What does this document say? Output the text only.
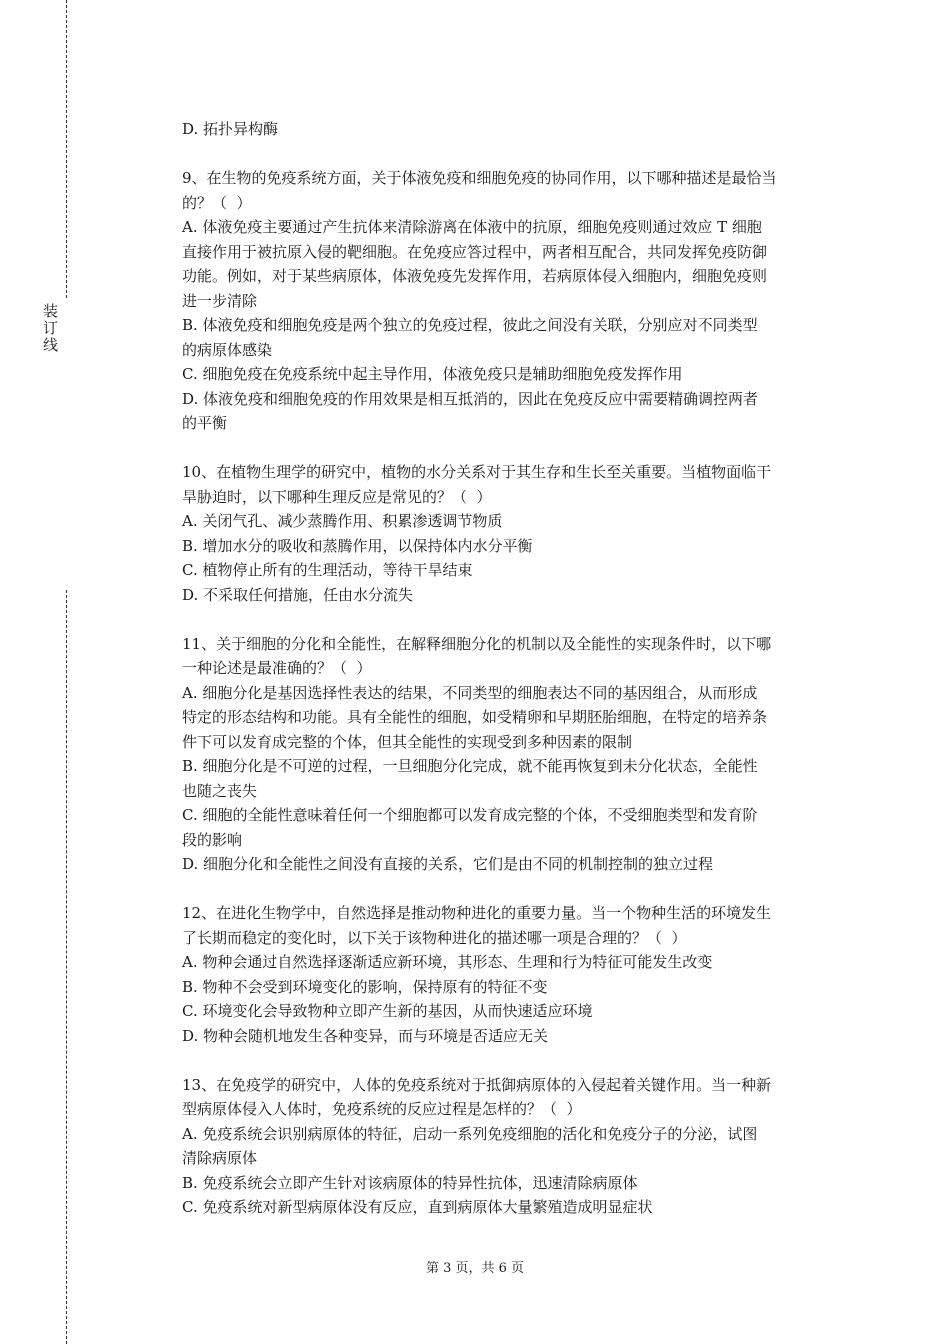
装订线

D. 拓扑异构酶

9、在生物的免疫系统方面，关于体液免疫和细胞免疫的协同作用，以下哪种描述是最恰当

的？（  ）

A. 体液免疫主要通过产生抗体来清除游离在体液中的抗原，细胞免疫则通过效应 T 细胞

直接作用于被抗原入侵的靶细胞。在免疫应答过程中，两者相互配合，共同发挥免疫防御

功能。例如，对于某些病原体，体液免疫先发挥作用，若病原体侵入细胞内，细胞免疫则

进一步清除

B. 体液免疫和细胞免疫是两个独立的免疫过程，彼此之间没有关联，分别应对不同类型

的病原体感染

C. 细胞免疫在免疫系统中起主导作用，体液免疫只是辅助细胞免疫发挥作用

D. 体液免疫和细胞免疫的作用效果是相互抵消的，因此在免疫反应中需要精确调控两者

的平衡

10、在植物生理学的研究中，植物的水分关系对于其生存和生长至关重要。当植物面临干

旱胁迫时，以下哪种生理反应是常见的？（  ）

A. 关闭气孔、减少蒸腾作用、积累渗透调节物质

B. 增加水分的吸收和蒸腾作用，以保持体内水分平衡

C. 植物停止所有的生理活动，等待干旱结束

D. 不采取任何措施，任由水分流失

11、关于细胞的分化和全能性，在解释细胞分化的机制以及全能性的实现条件时，以下哪

一种论述是最准确的？（  ）

A. 细胞分化是基因选择性表达的结果，不同类型的细胞表达不同的基因组合，从而形成

特定的形态结构和功能。具有全能性的细胞，如受精卵和早期胚胎细胞，在特定的培养条

件下可以发育成完整的个体，但其全能性的实现受到多种因素的限制

B. 细胞分化是不可逆的过程，一旦细胞分化完成，就不能再恢复到未分化状态，全能性

也随之丧失

C. 细胞的全能性意味着任何一个细胞都可以发育成完整的个体，不受细胞类型和发育阶

段的影响

D. 细胞分化和全能性之间没有直接的关系，它们是由不同的机制控制的独立过程

12、在进化生物学中，自然选择是推动物种进化的重要力量。当一个物种生活的环境发生

了长期而稳定的变化时，以下关于该物种进化的描述哪一项是合理的？（  ）

A. 物种会通过自然选择逐渐适应新环境，其形态、生理和行为特征可能发生改变

B. 物种不会受到环境变化的影响，保持原有的特征不变

C. 环境变化会导致物种立即产生新的基因，从而快速适应环境

D. 物种会随机地发生各种变异，而与环境是否适应无关

13、在免疫学的研究中，人体的免疫系统对于抵御病原体的入侵起着关键作用。当一种新

型病原体侵入人体时，免疫系统的反应过程是怎样的？（  ）

A. 免疫系统会识别病原体的特征，启动一系列免疫细胞的活化和免疫分子的分泌，试图

清除病原体

B. 免疫系统会立即产生针对该病原体的特异性抗体，迅速清除病原体

C. 免疫系统对新型病原体没有反应，直到病原体大量繁殖造成明显症状

第 3 页，共 6 页
